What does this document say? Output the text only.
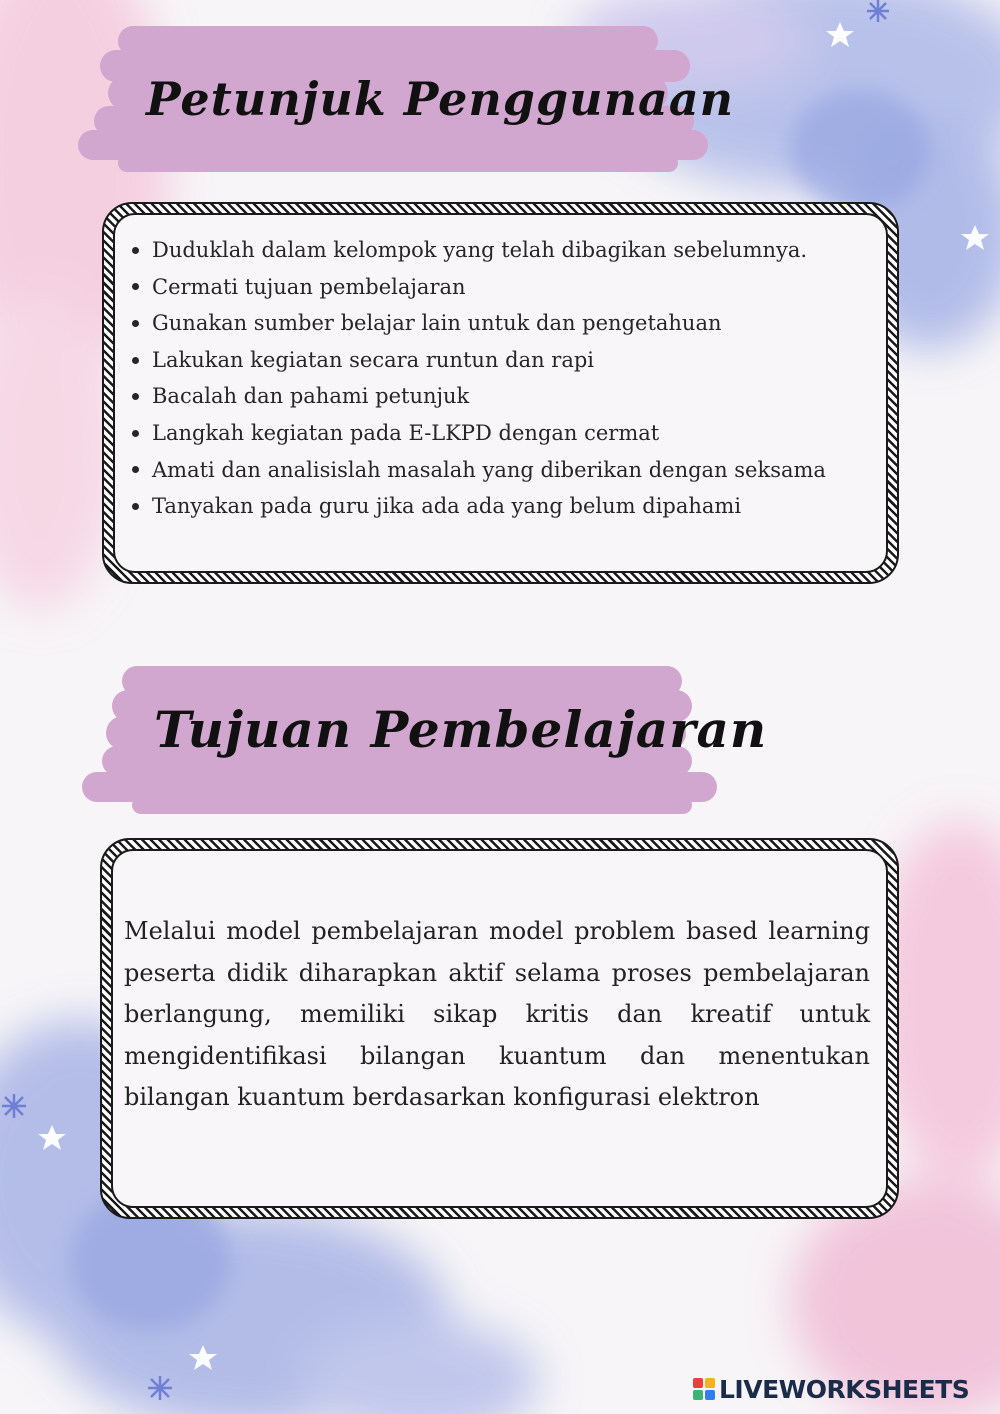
Petunjuk Penggunaan
Duduklah dalam kelompok yang telah dibagikan sebelumnya.
Cermati tujuan pembelajaran
Gunakan sumber belajar lain untuk dan pengetahuan
Lakukan kegiatan secara runtun dan rapi
Bacalah dan pahami petunjuk
Langkah kegiatan pada E-LKPD dengan cermat
Amati dan analisislah masalah yang diberikan dengan seksama
Tanyakan pada guru jika ada ada yang belum dipahami
Tujuan Pembelajaran

Melalui model pembelajaran model problem based learning peserta didik diharapkan aktif selama proses pembelajaran berlangung, memiliki sikap kritis dan kreatif untuk mengidentifikasi bilangan kuantum dan menentukan bilangan kuantum berdasarkan konfigurasi elektron

LIVEWORKSHEETS
